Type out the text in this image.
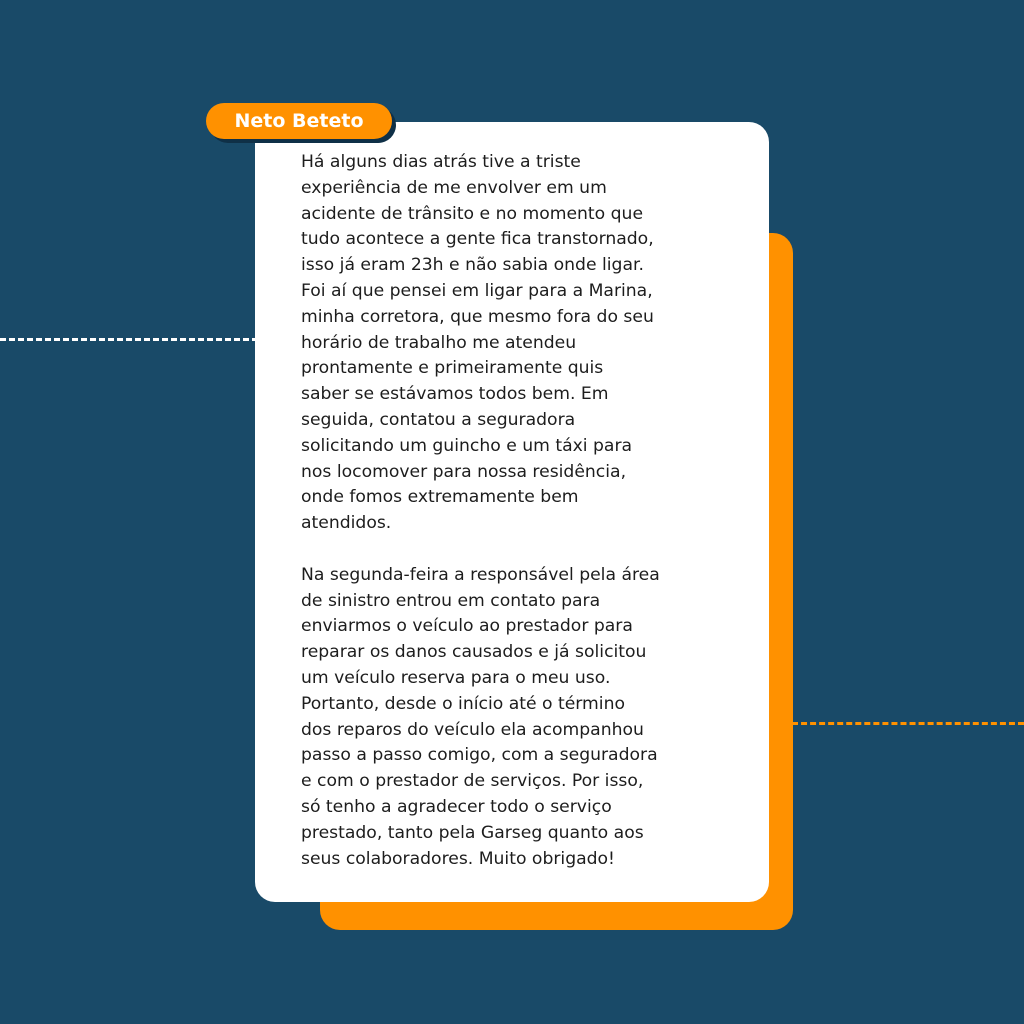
Há alguns dias atrás tive a triste
experiência de me envolver em um
acidente de trânsito e no momento que
tudo acontece a gente fica transtornado,
isso já eram 23h e não sabia onde ligar.
Foi aí que pensei em ligar para a Marina,
minha corretora, que mesmo fora do seu
horário de trabalho me atendeu
prontamente e primeiramente quis
saber se estávamos todos bem. Em
seguida, contatou a seguradora
solicitando um guincho e um táxi para
nos locomover para nossa residência,
onde fomos extremamente bem
atendidos.

Na segunda-feira a responsável pela área
de sinistro entrou em contato para
enviarmos o veículo ao prestador para
reparar os danos causados e já solicitou
um veículo reserva para o meu uso.
Portanto, desde o início até o término
dos reparos do veículo ela acompanhou
passo a passo comigo, com a seguradora
e com o prestador de serviços. Por isso,
só tenho a agradecer todo o serviço
prestado, tanto pela Garseg quanto aos
seus colaboradores. Muito obrigado!

Neto Beteto
